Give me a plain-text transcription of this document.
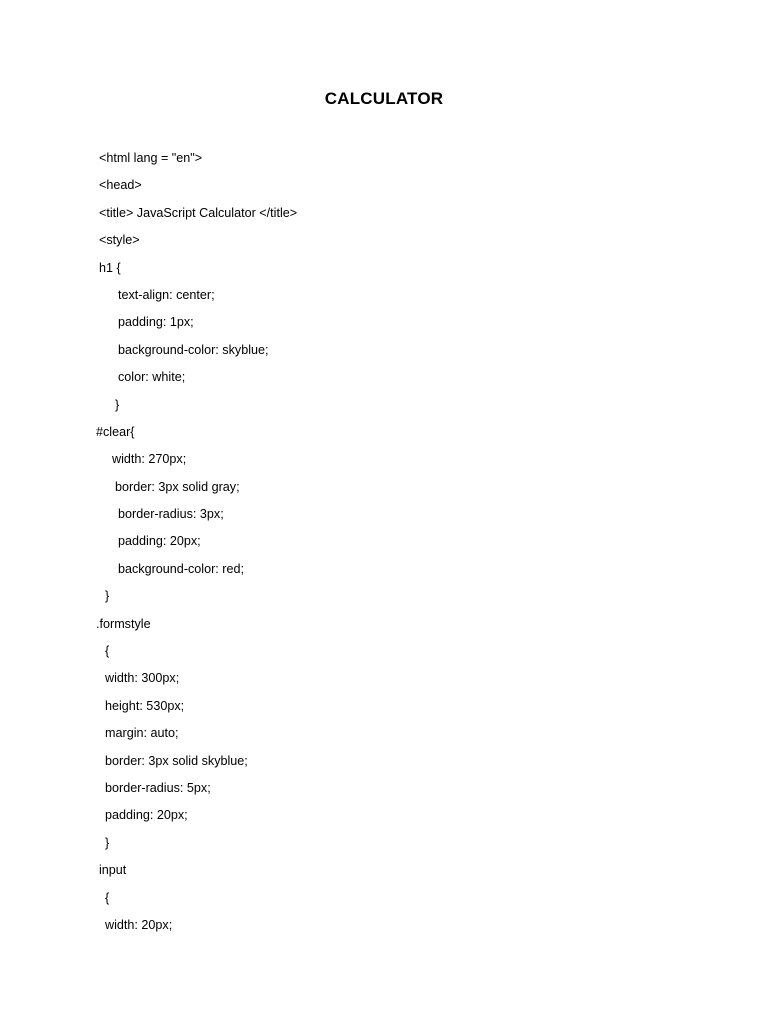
CALCULATOR
<html lang = "en">
<head>
<title> JavaScript Calculator </title>
<style>
h1 {
text-align: center;
padding: 1px;
background-color: skyblue;
color: white;
}
#clear{
width: 270px;
border: 3px solid gray;
border-radius: 3px;
padding: 20px;
background-color: red;
}
.formstyle
{
width: 300px;
height: 530px;
margin: auto;
border: 3px solid skyblue;
border-radius: 5px;
padding: 20px;
}
input
{
width: 20px;
